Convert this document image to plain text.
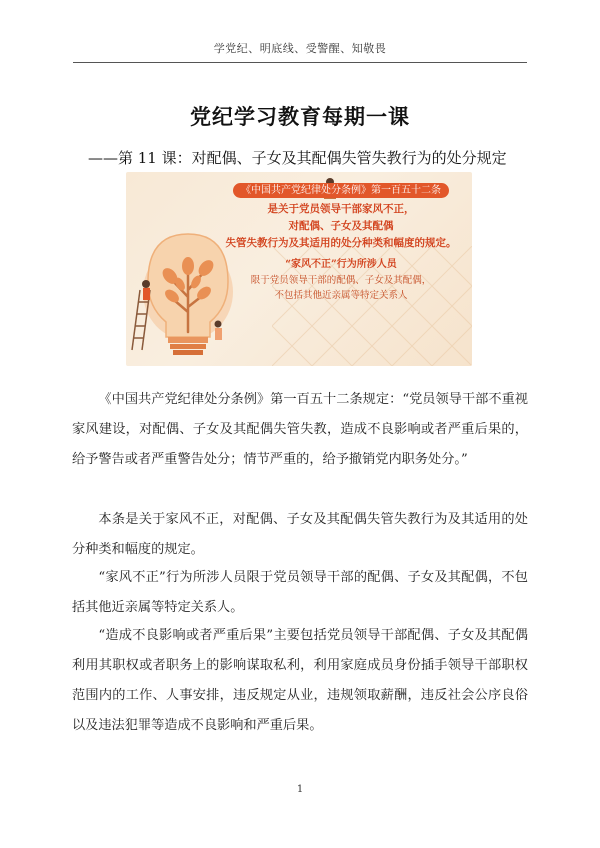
学党纪、明底线、受警醒、知敬畏
党纪学习教育每期一课
——第 11 课：对配偶、子女及其配偶失管失教行为的处分规定
《中国共产党纪律处分条例》第一百五十二条
是关于党员领导干部家风不正，
对配偶、子女及其配偶
失管失教行为及其适用的处分种类和幅度的规定。
“家风不正”行为所涉人员
限于党员领导干部的配偶、子女及其配偶，
不包括其他近亲属等特定关系人

《中国共产党纪律处分条例》第一百五十二条规定：“党员领导干部不重视家风建设，对配偶、子女及其配偶失管失教，造成不良影响或者严重后果的，给予警告或者严重警告处分；情节严重的，给予撤销党内职务处分。”

本条是关于家风不正，对配偶、子女及其配偶失管失教行为及其适用的处分种类和幅度的规定。

“家风不正”行为所涉人员限于党员领导干部的配偶、子女及其配偶，不包括其他近亲属等特定关系人。

“造成不良影响或者严重后果”主要包括党员领导干部配偶、子女及其配偶利用其职权或者职务上的影响谋取私利，利用家庭成员身份插手领导干部职权范围内的工作、人事安排，违反规定从业，违规领取薪酬，违反社会公序良俗以及违法犯罪等造成不良影响和严重后果。

1
